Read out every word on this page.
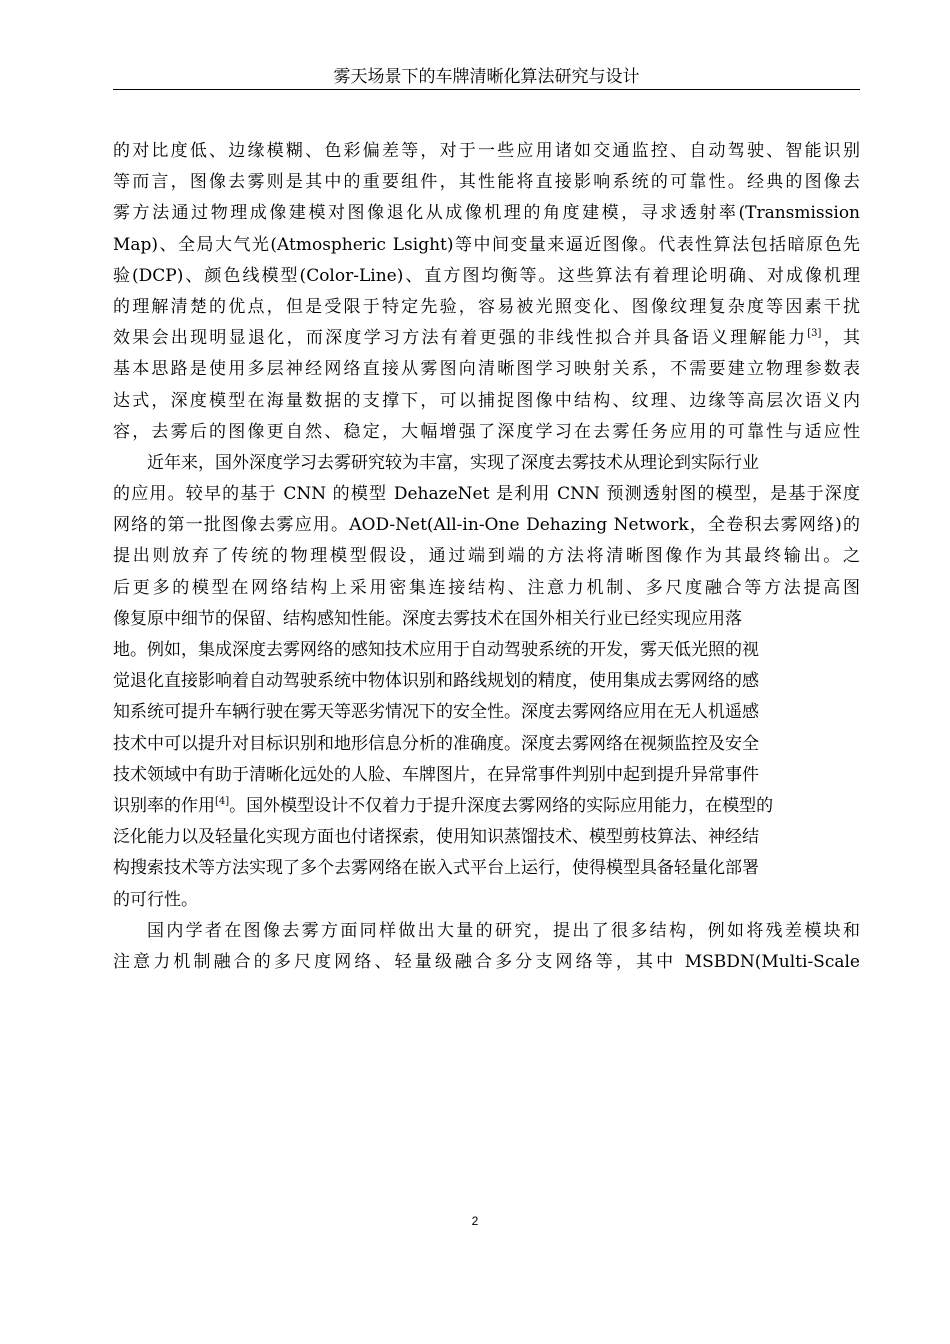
雾天场景下的车牌清晰化算法研究与设计
的对比度低、边缘模糊、色彩偏差等，对于一些应用诸如交通监控、自动驾驶、智能识别
等而言，图像去雾则是其中的重要组件，其性能将直接影响系统的可靠性。经典的图像去
雾方法通过物理成像建模对图像退化从成像机理的角度建模，寻求透射率(Transmission
Map)、全局大气光(Atmospheric Lsight)等中间变量来逼近图像。代表性算法包括暗原色先
验(DCP)、颜色线模型(Color-Line)、直方图均衡等。这些算法有着理论明确、对成像机理
的理解清楚的优点，但是受限于特定先验，容易被光照变化、图像纹理复杂度等因素干扰
效果会出现明显退化，而深度学习方法有着更强的非线性拟合并具备语义理解能力[3]，其
基本思路是使用多层神经网络直接从雾图向清晰图学习映射关系，不需要建立物理参数表
达式，深度模型在海量数据的支撑下，可以捕捉图像中结构、纹理、边缘等高层次语义内
容，去雾后的图像更自然、稳定，大幅增强了深度学习在去雾任务应用的可靠性与适应性
近年来，国外深度学习去雾研究较为丰富，实现了深度去雾技术从理论到实际行业
的应用。较早的基于 CNN 的模型 DehazeNet 是利用 CNN 预测透射图的模型，是基于深度
网络的第一批图像去雾应用。AOD-Net(All-in-One Dehazing Network，全卷积去雾网络)的
提出则放弃了传统的物理模型假设，通过端到端的方法将清晰图像作为其最终输出。之
后更多的模型在网络结构上采用密集连接结构、注意力机制、多尺度融合等方法提高图
像复原中细节的保留、结构感知性能。深度去雾技术在国外相关行业已经实现应用落
地。例如，集成深度去雾网络的感知技术应用于自动驾驶系统的开发，雾天低光照的视
觉退化直接影响着自动驾驶系统中物体识别和路线规划的精度，使用集成去雾网络的感
知系统可提升车辆行驶在雾天等恶劣情况下的安全性。深度去雾网络应用在无人机遥感
技术中可以提升对目标识别和地形信息分析的准确度。深度去雾网络在视频监控及安全
技术领域中有助于清晰化远处的人脸、车牌图片，在异常事件判别中起到提升异常事件
识别率的作用[4]。国外模型设计不仅着力于提升深度去雾网络的实际应用能力，在模型的
泛化能力以及轻量化实现方面也付诸探索，使用知识蒸馏技术、模型剪枝算法、神经结
构搜索技术等方法实现了多个去雾网络在嵌入式平台上运行，使得模型具备轻量化部署
的可行性。
国内学者在图像去雾方面同样做出大量的研究，提出了很多结构，例如将残差模块和
注意力机制融合的多尺度网络、轻量级融合多分支网络等，其中 MSBDN(Multi-Scale
2
